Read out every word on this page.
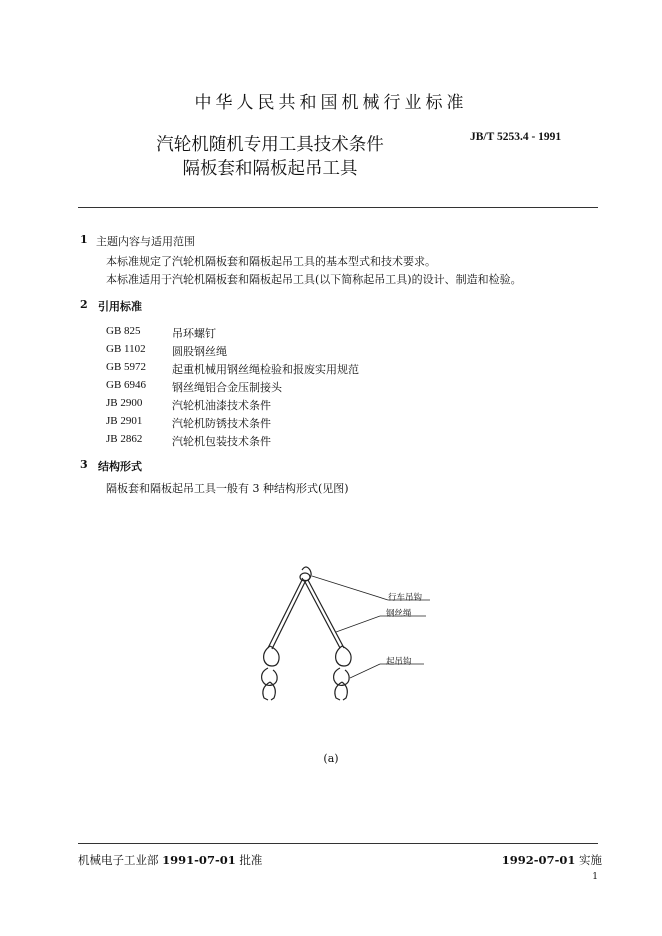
中华人民共和国机械行业标准
JB/T 5253.4 - 1991
汽轮机随机专用工具技术条件
隔板套和隔板起吊工具
1 主题内容与适用范围
本标准规定了汽轮机隔板套和隔板起吊工具的基本型式和技术要求。
本标准适用于汽轮机隔板套和隔板起吊工具(以下简称起吊工具)的设计、制造和检验。
2 引用标准
GB 825	吊环螺钉
GB 1102 圆股钢丝绳
GB 5972 起重机械用钢丝绳检验和报废实用规范
GB 6946 钢丝绳铝合金压制接头
JB 2900	汽轮机油漆技术条件
JB 2901	汽轮机防锈技术条件
JB 2862	汽轮机包装技术条件
3 结构形式
隔板套和隔板起吊工具一般有 3 种结构形式(见图)
行车吊钩
钢丝绳
起吊钩
(a)
机械电子工业部 1991-07-01 批准	1992-07-01 实施
1
